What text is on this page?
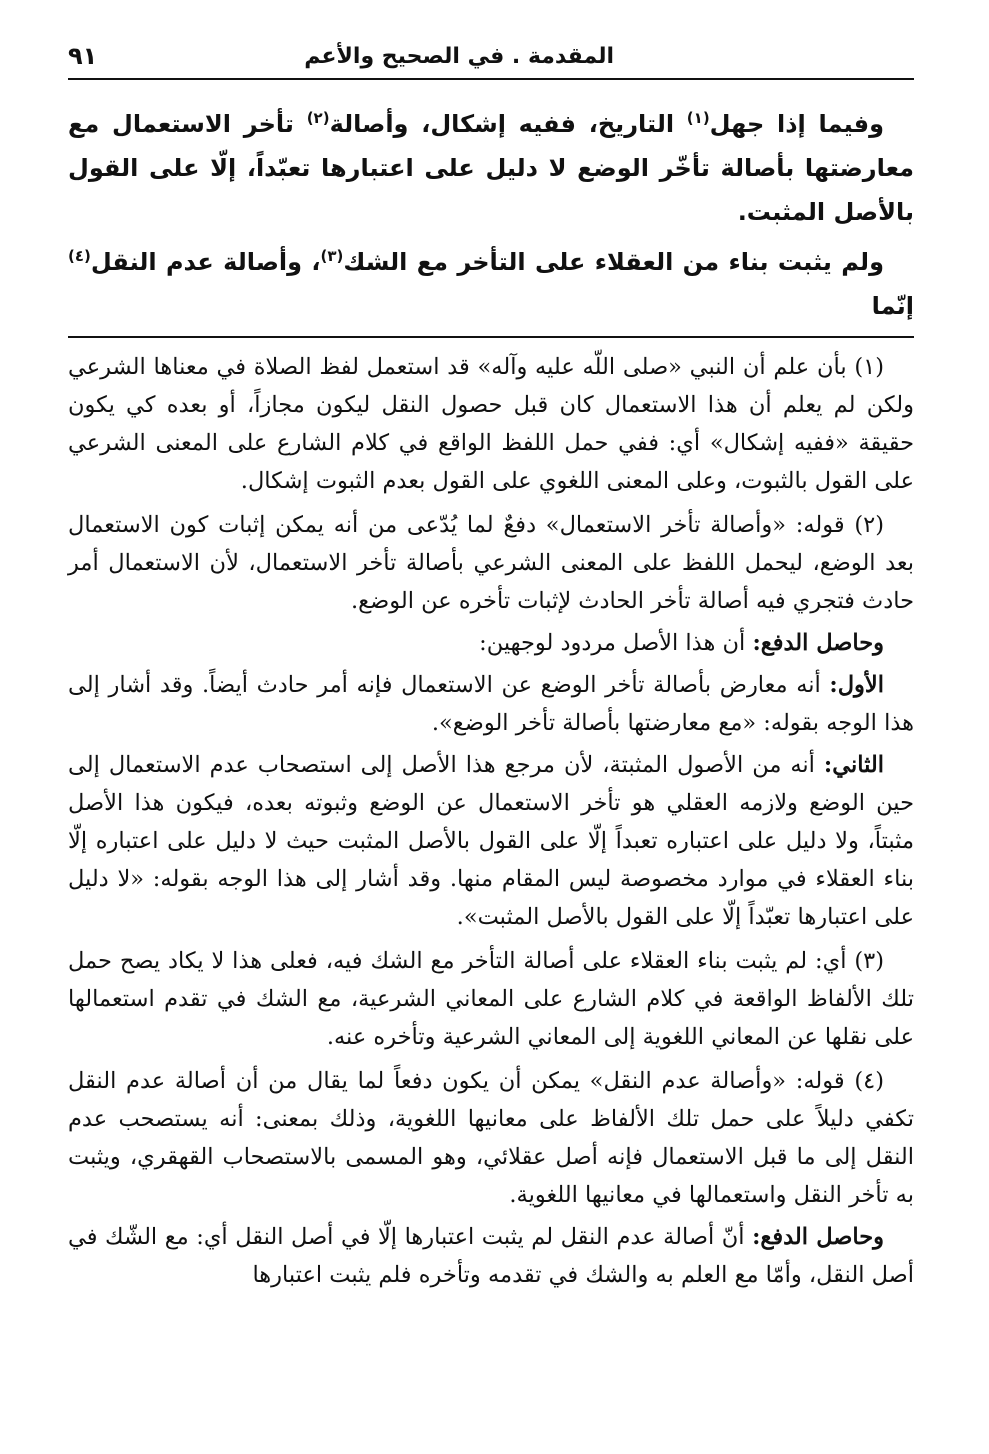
المقدمة . في الصحيح والأعم
٩١

وفيما إذا جهل$^{(١)}$ التاريخ، ففيه إشكال، وأصالة$^{(٢)}$ تأخر الاستعمال مع معارضتها بأصالة تأخّر الوضع لا دليل على اعتبارها تعبّداً، إلّا على القول بالأصل المثبت.

ولم يثبت بناء من العقلاء على التأخر مع الشك$^{(٣)}$، وأصالة عدم النقل$^{(٤)}$ إنّما

(١) بأن علم أن النبي «صلى اللّه عليه وآله» قد استعمل لفظ الصلاة في معناها الشرعي ولكن لم يعلم أن هذا الاستعمال كان قبل حصول النقل ليكون مجازاً، أو بعده كي يكون حقيقة «ففيه إشكال» أي: ففي حمل اللفظ الواقع في كلام الشارع على المعنى الشرعي على القول بالثبوت، وعلى المعنى اللغوي على القول بعدم الثبوت إشكال.

(٢) قوله: «وأصالة تأخر الاستعمال» دفعٌ لما يُدّعى من أنه يمكن إثبات كون الاستعمال بعد الوضع، ليحمل اللفظ على المعنى الشرعي بأصالة تأخر الاستعمال، لأن الاستعمال أمر حادث فتجري فيه أصالة تأخر الحادث لإثبات تأخره عن الوضع.

وحاصل الدفع: أن هذا الأصل مردود لوجهين:

الأول: أنه معارض بأصالة تأخر الوضع عن الاستعمال فإنه أمر حادث أيضاً. وقد أشار إلى هذا الوجه بقوله: «مع معارضتها بأصالة تأخر الوضع».

الثاني: أنه من الأصول المثبتة، لأن مرجع هذا الأصل إلى استصحاب عدم الاستعمال إلى حين الوضع ولازمه العقلي هو تأخر الاستعمال عن الوضع وثبوته بعده، فيكون هذا الأصل مثبتاً، ولا دليل على اعتباره تعبداً إلّا على القول بالأصل المثبت حيث لا دليل على اعتباره إلّا بناء العقلاء في موارد مخصوصة ليس المقام منها. وقد أشار إلى هذا الوجه بقوله: «لا دليل على اعتبارها تعبّداً إلّا على القول بالأصل المثبت».

(٣) أي: لم يثبت بناء العقلاء على أصالة التأخر مع الشك فيه، فعلى هذا لا يكاد يصح حمل تلك الألفاظ الواقعة في كلام الشارع على المعاني الشرعية، مع الشك في تقدم استعمالها على نقلها عن المعاني اللغوية إلى المعاني الشرعية وتأخره عنه.

(٤) قوله: «وأصالة عدم النقل» يمكن أن يكون دفعاً لما يقال من أن أصالة عدم النقل تكفي دليلاً على حمل تلك الألفاظ على معانيها اللغوية، وذلك بمعنى: أنه يستصحب عدم النقل إلى ما قبل الاستعمال فإنه أصل عقلائي، وهو المسمى بالاستصحاب القهقري، ويثبت به تأخر النقل واستعمالها في معانيها اللغوية.

وحاصل الدفع: أنّ أصالة عدم النقل لم يثبت اعتبارها إلّا في أصل النقل أي: مع الشّك في أصل النقل، وأمّا مع العلم به والشك في تقدمه وتأخره فلم يثبت اعتبارها
